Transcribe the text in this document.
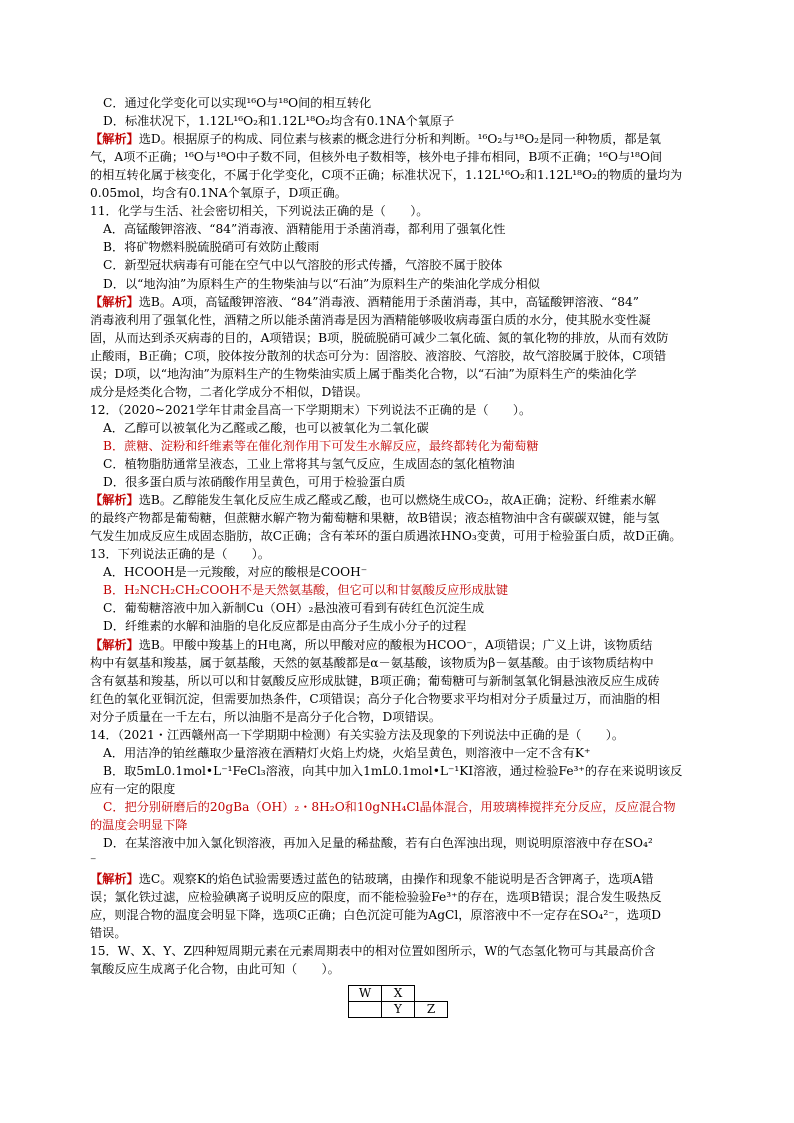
C．通过化学变化可以实现¹⁶O与¹⁸O间的相互转化
D．标准状况下，1.12L¹⁶O₂和1.12L¹⁸O₂均含有0.1NA个氧原子
【解析】选D。根据原子的构成、同位素与核素的概念进行分析和判断。¹⁶O₂与¹⁸O₂是同一种物质，都是氧
气，A项不正确；¹⁶O与¹⁸O中子数不同，但核外电子数相等，核外电子排布相同，B项不正确；¹⁶O与¹⁸O间
的相互转化属于核变化，不属于化学变化，C项不正确；标准状况下，1.12L¹⁶O₂和1.12L¹⁸O₂的物质的量均为
0.05mol，均含有0.1NA个氧原子，D项正确。
11．化学与生活、社会密切相关，下列说法正确的是（　　）。
A．高锰酸钾溶液、“84”消毒液、酒精能用于杀菌消毒，都利用了强氧化性
B．将矿物燃料脱硫脱硝可有效防止酸雨
C．新型冠状病毒有可能在空气中以气溶胶的形式传播，气溶胶不属于胶体
D．以“地沟油”为原料生产的生物柴油与以“石油”为原料生产的柴油化学成分相似
【解析】选B。A项，高锰酸钾溶液、“84”消毒液、酒精能用于杀菌消毒，其中，高锰酸钾溶液、“84”
消毒液利用了强氧化性，酒精之所以能杀菌消毒是因为酒精能够吸收病毒蛋白质的水分，使其脱水变性凝
固，从而达到杀灭病毒的目的，A项错误；B项，脱硫脱硝可减少二氧化硫、氮的氧化物的排放，从而有效防
止酸雨，B正确；C项，胶体按分散剂的状态可分为：固溶胶、液溶胶、气溶胶，故气溶胶属于胶体，C项错
误；D项，以“地沟油”为原料生产的生物柴油实质上属于酯类化合物，以“石油”为原料生产的柴油化学
成分是烃类化合物，二者化学成分不相似，D错误。
12．（2020~2021学年甘肃金昌高一下学期期末）下列说法不正确的是（　　）。
A．乙醇可以被氧化为乙醛或乙酸，也可以被氧化为二氧化碳
B．蔗糖、淀粉和纤维素等在催化剂作用下可发生水解反应，最终都转化为葡萄糖
C．植物脂肪通常呈液态，工业上常将其与氢气反应，生成固态的氢化植物油
D．很多蛋白质与浓硝酸作用呈黄色，可用于检验蛋白质
【解析】选B。乙醇能发生氧化反应生成乙醛或乙酸，也可以燃烧生成CO₂，故A正确；淀粉、纤维素水解
的最终产物都是葡萄糖，但蔗糖水解产物为葡萄糖和果糖，故B错误；液态植物油中含有碳碳双键，能与氢
气发生加成反应生成固态脂肪，故C正确；含有苯环的蛋白质遇浓HNO₃变黄，可用于检验蛋白质，故D正确。
13．下列说法正确的是（　　）。
A．HCOOH是一元羧酸，对应的酸根是COOH⁻
B．H₂NCH₂CH₂COOH不是天然氨基酸，但它可以和甘氨酸反应形成肽键
C．葡萄糖溶液中加入新制Cu（OH）₂悬浊液可看到有砖红色沉淀生成
D．纤维素的水解和油脂的皂化反应都是由高分子生成小分子的过程
【解析】选B。甲酸中羧基上的H电离，所以甲酸对应的酸根为HCOO⁻，A项错误；广义上讲，该物质结
构中有氨基和羧基，属于氨基酸，天然的氨基酸都是α－氨基酸，该物质为β－氨基酸。由于该物质结构中
含有氨基和羧基，所以可以和甘氨酸反应形成肽键，B项正确；葡萄糖可与新制氢氧化铜悬浊液反应生成砖
红色的氧化亚铜沉淀，但需要加热条件，C项错误；高分子化合物要求平均相对分子质量过万，而油脂的相
对分子质量在一千左右，所以油脂不是高分子化合物，D项错误。
14．（2021・江西赣州高一下学期期中检测）有关实验方法及现象的下列说法中正确的是（　　）。
A．用洁净的铂丝蘸取少量溶液在酒精灯火焰上灼烧，火焰呈黄色，则溶液中一定不含有K⁺
B．取5mL0.1mol•L⁻¹FeCl₃溶液，向其中加入1mL0.1mol•L⁻¹KI溶液，通过检验Fe³⁺的存在来说明该反
应有一定的限度
C．把分别研磨后的20gBa（OH）₂・8H₂O和10gNH₄Cl晶体混合，用玻璃棒搅拌充分反应，反应混合物
的温度会明显下降
D．在某溶液中加入氯化钡溶液，再加入足量的稀盐酸，若有白色浑浊出现，则说明原溶液中存在SO₄²
⁻
【解析】选C。观察K的焰色试验需要透过蓝色的钴玻璃，由操作和现象不能说明是否含钾离子，选项A错
误；氯化铁过滤，应检验碘离子说明反应的限度，而不能检验验Fe³⁺的存在，选项B错误；混合发生吸热反
应，则混合物的温度会明显下降，选项C正确；白色沉淀可能为AgCl，原溶液中不一定存在SO₄²⁻，选项D
错误。
15．W、X、Y、Z四种短周期元素在元素周期表中的相对位置如图所示，W的气态氢化物可与其最高价含
氧酸反应生成离子化合物，由此可知（　　）。
W	X	
	Y	Z
